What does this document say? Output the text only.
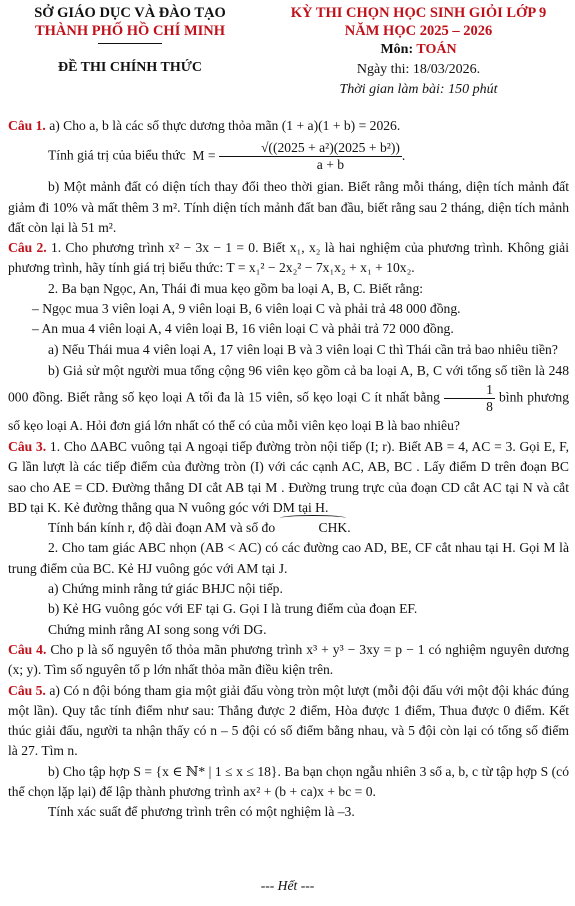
SỞ GIÁO DỤC VÀ ĐÀO TẠO
THÀNH PHỐ HỒ CHÍ MINH
ĐỀ THI CHÍNH THỨC
KỲ THI CHỌN HỌC SINH GIỎI LỚP 9
NĂM HỌC 2025 – 2026
Môn: TOÁN
Ngày thi: 18/03/2026.
Thời gian làm bài: 150 phút

Câu 1. a) Cho a, b là các số thực dương thỏa mãn (1 + a)(1 + b) = 2026.

Tính giá trị của biểu thức  $M = \frac{\text{√((2025 + a²)(2025 + b²))}}{a + b}$ .

b) Một mảnh đất có diện tích thay đổi theo thời gian. Biết rằng mỗi tháng, diện tích mảnh đất giảm đi 10% và mất thêm 3 m². Tính diện tích mảnh đất ban đầu, biết rằng sau 2 tháng, diện tích mảnh đất còn lại là 51 m².

Câu 2. 1. Cho phương trình x² − 3x − 1 = 0. Biết x₁, x₂ là hai nghiệm của phương trình. Không giải phương trình, hãy tính giá trị biểu thức: T = x₁² − 2x₂² − 7x₁x₂ + x₁ + 10x₂.

2. Ba bạn Ngọc, An, Thái đi mua kẹo gồm ba loại A, B, C. Biết rằng:

– Ngọc mua 3 viên loại A, 9 viên loại B, 6 viên loại C và phải trả 48 000 đồng.

– An mua 4 viên loại A, 4 viên loại B, 16 viên loại C và phải trả 72 000 đồng.

a) Nếu Thái mua 4 viên loại A, 17 viên loại B và 3 viên loại C thì Thái cần trả bao nhiêu tiền?

b) Giả sử một người mua tổng cộng 96 viên kẹo gồm cả ba loại A, B, C với tổng số tiền là 248 000 đồng. Biết rằng số kẹo loại A tối đa là 15 viên, số kẹo loại C ít nhất bằng $\frac{1}{8}$ bình phương số kẹo loại A. Hỏi đơn giá lớn nhất có thể có của mỗi viên kẹo loại B là bao nhiêu?

Câu 3. 1. Cho ΔABC vuông tại A ngoại tiếp đường tròn nội tiếp (I; r). Biết AB = 4, AC = 3. Gọi E, F, G lần lượt là các tiếp điểm của đường tròn (I) với các cạnh AC, AB, BC . Lấy điểm D trên đoạn BC sao cho AE = CD. Đường thẳng DI cắt AB tại M . Đường trung trực của đoạn CD cắt AC tại N và cắt BD tại K. Kẻ đường thẳng qua N vuông góc với DM tại H.

Tính bán kính r, độ dài đoạn AM và số đo	CHK.

2. Cho tam giác ABC nhọn (AB < AC) có các đường cao AD, BE, CF cắt nhau tại H. Gọi M là trung điểm của BC. Kẻ HJ vuông góc với AM tại J.

a) Chứng minh rằng tứ giác BHJC nội tiếp.

b) Kẻ HG vuông góc với EF tại G. Gọi I là trung điểm của đoạn EF.

Chứng minh rằng AI song song với DG.

Câu 4. Cho p là số nguyên tố thỏa mãn phương trình x³ + y³ − 3xy = p − 1 có nghiệm nguyên dương (x; y). Tìm số nguyên tố p lớn nhất thỏa mãn điều kiện trên.

Câu 5. a) Có n đội bóng tham gia một giải đấu vòng tròn một lượt (mỗi đội đấu với một đội khác đúng một lần). Quy tắc tính điểm như sau: Thắng được 2 điểm, Hòa được 1 điểm, Thua được 0 điểm. Kết thúc giải đấu, người ta nhận thấy có n – 5 đội có số điểm bằng nhau, và 5 đội còn lại có tổng số điểm là 27. Tìm n.

b) Cho tập hợp S = {x ∈ ℕ* | 1 ≤ x ≤ 18}. Ba bạn chọn ngẫu nhiên 3 số a, b, c từ tập hợp S (có thể chọn lặp lại) để lập thành phương trình ax² + (b + ca)x + bc = 0.

Tính xác suất để phương trình trên có một nghiệm là –3.

--- Hết ---
